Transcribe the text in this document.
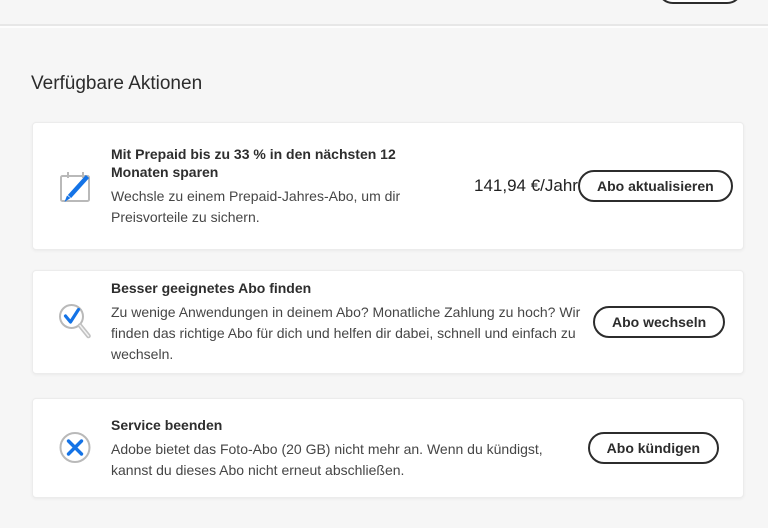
Verfügbare Aktionen

Mit Prepaid bis zu 33 % in den nächsten 12 Monaten sparen

Wechsle zu einem Prepaid-Jahres-Abo, um dir Preisvorteile zu sichern.

141,94 €/Jahr	Abo aktualisieren

Besser geeignetes Abo finden

Zu wenige Anwendungen in deinem Abo? Monatliche Zahlung zu hoch? Wir finden das richtige Abo für dich und helfen dir dabei, schnell und einfach zu wechseln.

Abo wechseln

Service beenden

Adobe bietet das Foto-Abo (20 GB) nicht mehr an. Wenn du kündigst, kannst du dieses Abo nicht erneut abschließen.

Abo kündigen
